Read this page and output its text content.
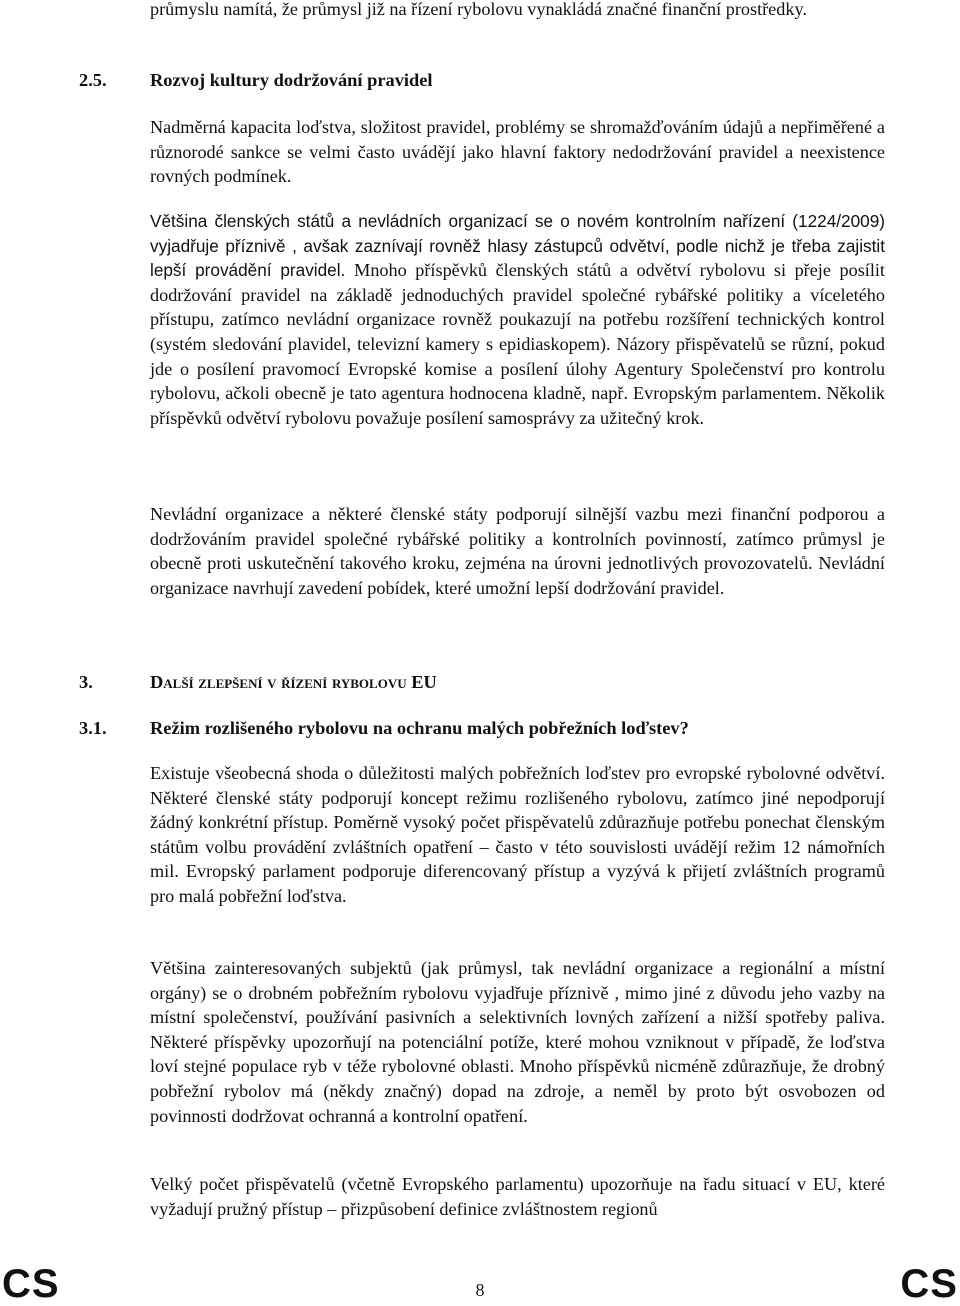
průmyslu namítá, že průmysl již na řízení rybolovu vynakládá značné finanční prostředky.

2.5. Rozvoj kultury dodržování pravidel

Nadměrná kapacita loďstva, složitost pravidel, problémy se shromažďováním údajů a nepřiměřené a různorodé sankce se velmi často uvádějí jako hlavní faktory nedodržování pravidel a neexistence rovných podmínek.

Většina členských států a nevládních organizací se o novém kontrolním nařízení (1224/2009) vyjadřuje příznivě , avšak zaznívají rovněž hlasy zástupců odvětví, podle nichž je třeba zajistit lepší provádění pravidel. Mnoho příspěvků členských států a odvětví rybolovu si přeje posílit dodržování pravidel na základě jednoduchých pravidel společné rybářské politiky a víceletého přístupu, zatímco nevládní organizace rovněž poukazují na potřebu rozšíření technických kontrol (systém sledování plavidel, televizní kamery s epidiaskopem). Názory přispěvatelů se různí, pokud jde o posílení pravomocí Evropské komise a posílení úlohy Agentury Společenství pro kontrolu rybolovu, ačkoli obecně je tato agentura hodnocena kladně, např. Evropským parlamentem. Několik příspěvků odvětví rybolovu považuje posílení samosprávy za užitečný krok.

Nevládní organizace a některé členské státy podporují silnější vazbu mezi finanční podporou a dodržováním pravidel společné rybářské politiky a kontrolních povinností, zatímco průmysl je obecně proti uskutečnění takového kroku, zejména na úrovni jednotlivých provozovatelů. Nevládní organizace navrhují zavedení pobídek, které umožní lepší dodržování pravidel.

3.	Další zlepšení v řízení rybolovu EU
3.1. Režim rozlišeného rybolovu na ochranu malých pobřežních loďstev?

Existuje všeobecná shoda o důležitosti malých pobřežních loďstev pro evropské rybolovné odvětví. Některé členské státy podporují koncept režimu rozlišeného rybolovu, zatímco jiné nepodporují žádný konkrétní přístup. Poměrně vysoký počet přispěvatelů zdůrazňuje potřebu ponechat členským státům volbu provádění zvláštních opatření – často v této souvislosti uvádějí režim 12 námořních mil. Evropský parlament podporuje diferencovaný přístup a vyzývá k přijetí zvláštních programů pro malá pobřežní loďstva.

Většina zainteresovaných subjektů (jak průmysl, tak nevládní organizace a regionální a místní orgány) se o drobném pobřežním rybolovu vyjadřuje příznivě , mimo jiné z důvodu jeho vazby na místní společenství, používání pasivních a selektivních lovných zařízení a nižší spotřeby paliva. Některé příspěvky upozorňují na potenciální potíže, které mohou vzniknout v případě, že loďstva loví stejné populace ryb v téže rybolovné oblasti. Mnoho příspěvků nicméně zdůrazňuje, že drobný pobřežní rybolov má (někdy značný) dopad na zdroje, a neměl by proto být osvobozen od povinnosti dodržovat ochranná a kontrolní opatření.

Velký počet přispěvatelů (včetně Evropského parlamentu) upozorňuje na řadu situací v EU, které vyžadují pružný přístup – přizpůsobení definice zvláštnostem regionů

CS	8	CS
